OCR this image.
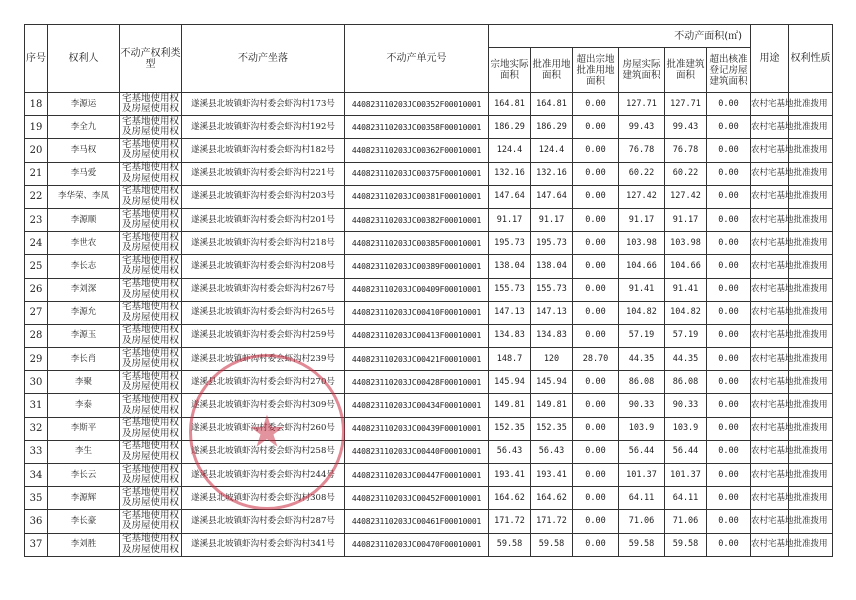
序号	权利人	不动产权利类型	不动产坐落	不动产单元号	不动产面积(㎡)						用途	权利性质
					宗地实际面积	批准用地面积	超出宗地批准用地面积	房屋实际建筑面积	批准建筑面积	超出核准登记房屋建筑面积		
18	李源运	宅基地使用权及房屋使用权	遂溪县北坡镇虾沟村委会虾沟村173号	440823110203JC00352F00010001	164.81	164.81	0.00	127.71	127.71	0.00	农村宅基地	批准拨用
19	李全九	宅基地使用权及房屋使用权	遂溪县北坡镇虾沟村委会虾沟村192号	440823110203JC00358F00010001	186.29	186.29	0.00	99.43	99.43	0.00	农村宅基地	批准拨用
20	李马权	宅基地使用权及房屋使用权	遂溪县北坡镇虾沟村委会虾沟村182号	440823110203JC00362F00010001	124.4	124.4	0.00	76.78	76.78	0.00	农村宅基地	批准拨用
21	李马爱	宅基地使用权及房屋使用权	遂溪县北坡镇虾沟村委会虾沟村221号	440823110203JC00375F00010001	132.16	132.16	0.00	60.22	60.22	0.00	农村宅基地	批准拨用
22	李华荣、李凤	宅基地使用权及房屋使用权	遂溪县北坡镇虾沟村委会虾沟村203号	440823110203JC00381F00010001	147.64	147.64	0.00	127.42	127.42	0.00	农村宅基地	批准拨用
23	李源顺	宅基地使用权及房屋使用权	遂溪县北坡镇虾沟村委会虾沟村201号	440823110203JC00382F00010001	91.17	91.17	0.00	91.17	91.17	0.00	农村宅基地	批准拨用
24	李世农	宅基地使用权及房屋使用权	遂溪县北坡镇虾沟村委会虾沟村218号	440823110203JC00385F00010001	195.73	195.73	0.00	103.98	103.98	0.00	农村宅基地	批准拨用
25	李长志	宅基地使用权及房屋使用权	遂溪县北坡镇虾沟村委会虾沟村208号	440823110203JC00389F00010001	138.04	138.04	0.00	104.66	104.66	0.00	农村宅基地	批准拨用
26	李刘深	宅基地使用权及房屋使用权	遂溪县北坡镇虾沟村委会虾沟村267号	440823110203JC00409F00010001	155.73	155.73	0.00	91.41	91.41	0.00	农村宅基地	批准拨用
27	李源允	宅基地使用权及房屋使用权	遂溪县北坡镇虾沟村委会虾沟村265号	440823110203JC00410F00010001	147.13	147.13	0.00	104.82	104.82	0.00	农村宅基地	批准拨用
28	李源玉	宅基地使用权及房屋使用权	遂溪县北坡镇虾沟村委会虾沟村259号	440823110203JC00413F00010001	134.83	134.83	0.00	57.19	57.19	0.00	农村宅基地	批准拨用
29	李长肖	宅基地使用权及房屋使用权	遂溪县北坡镇虾沟村委会虾沟村239号	440823110203JC00421F00010001	148.7	120	28.70	44.35	44.35	0.00	农村宅基地	批准拨用
30	李聚	宅基地使用权及房屋使用权	遂溪县北坡镇虾沟村委会虾沟村270号	440823110203JC00428F00010001	145.94	145.94	0.00	86.08	86.08	0.00	农村宅基地	批准拨用
31	李泰	宅基地使用权及房屋使用权	遂溪县北坡镇虾沟村委会虾沟村309号	440823110203JC00434F00010001	149.81	149.81	0.00	90.33	90.33	0.00	农村宅基地	批准拨用
32	李斯平	宅基地使用权及房屋使用权	遂溪县北坡镇虾沟村委会虾沟村260号	440823110203JC00439F00010001	152.35	152.35	0.00	103.9	103.9	0.00	农村宅基地	批准拨用
33	李生	宅基地使用权及房屋使用权	遂溪县北坡镇虾沟村委会虾沟村258号	440823110203JC00440F00010001	56.43	56.43	0.00	56.44	56.44	0.00	农村宅基地	批准拨用
34	李长云	宅基地使用权及房屋使用权	遂溪县北坡镇虾沟村委会虾沟村244号	440823110203JC00447F00010001	193.41	193.41	0.00	101.37	101.37	0.00	农村宅基地	批准拨用
35	李源辉	宅基地使用权及房屋使用权	遂溪县北坡镇虾沟村委会虾沟村308号	440823110203JC00452F00010001	164.62	164.62	0.00	64.11	64.11	0.00	农村宅基地	批准拨用
36	李长豪	宅基地使用权及房屋使用权	遂溪县北坡镇虾沟村委会虾沟村287号	440823110203JC00461F00010001	171.72	171.72	0.00	71.06	71.06	0.00	农村宅基地	批准拨用
37	李刘胜	宅基地使用权及房屋使用权	遂溪县北坡镇虾沟村委会虾沟村341号	440823110203JC00470F00010001	59.58	59.58	0.00	59.58	59.58	0.00	农村宅基地	批准拨用
★
